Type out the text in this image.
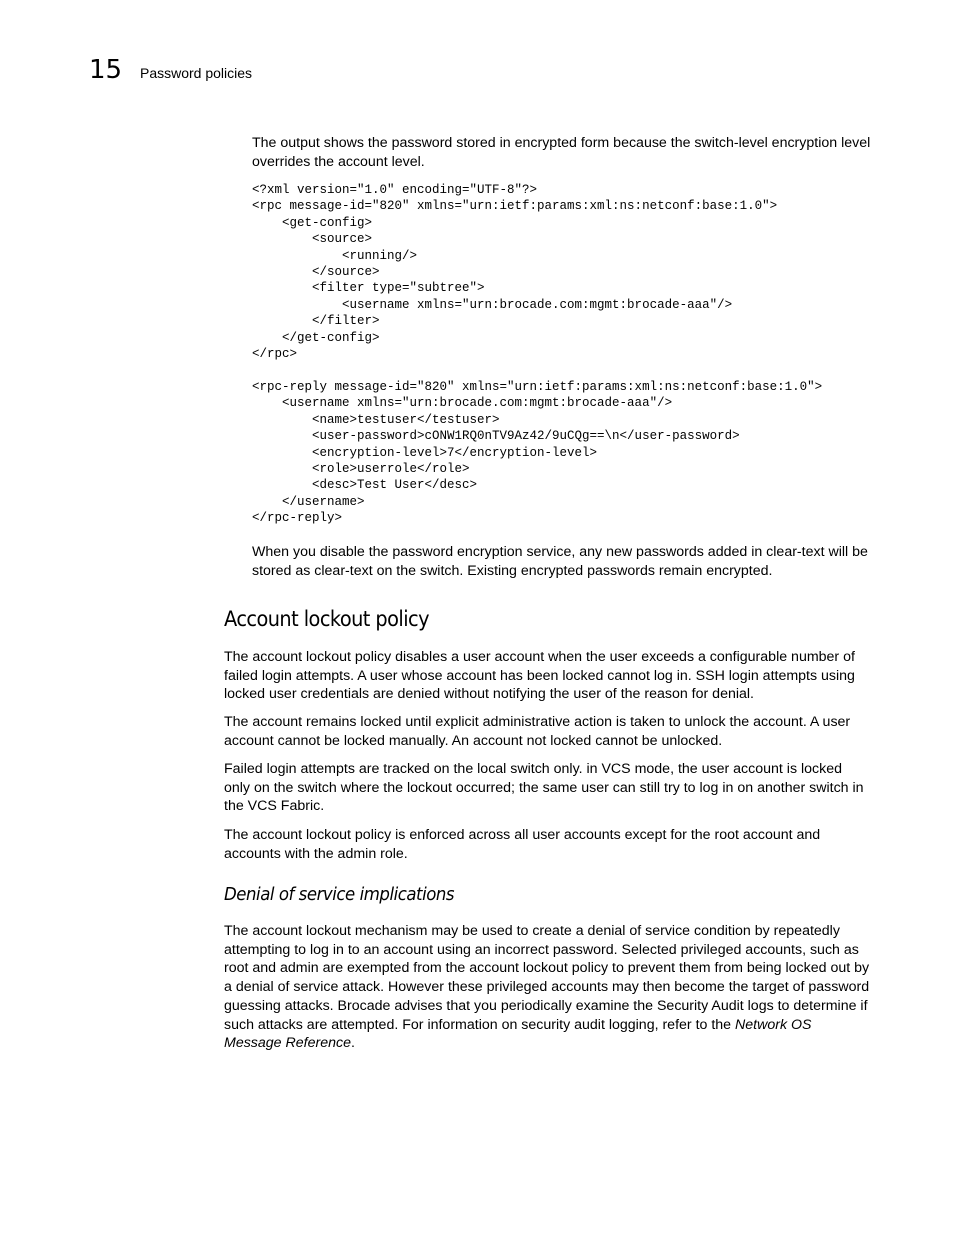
15 Password policies

The output shows the password stored in encrypted form because the switch-level encryption level overrides the account level.

<?xml version="1.0" encoding="UTF-8"?>
<rpc message-id="820" xmlns="urn:ietf:params:xml:ns:netconf:base:1.0">
<get-config>
<source>
<running/>
</source>
<filter type="subtree">
<username xmlns="urn:brocade.com:mgmt:brocade-aaa"/>
</filter>
</get-config>
</rpc>

<rpc-reply message-id="820" xmlns="urn:ietf:params:xml:ns:netconf:base:1.0">
<username xmlns="urn:brocade.com:mgmt:brocade-aaa"/>
<name>testuser</testuser>
<user-password>cONW1RQ0nTV9Az42/9uCQg==\n</user-password>
<encryption-level>7</encryption-level>
<role>userrole</role>
<desc>Test User</desc>
</username>
</rpc-reply>

When you disable the password encryption service, any new passwords added in clear-text will be stored as clear-text on the switch. Existing encrypted passwords remain encrypted.

Account lockout policy

The account lockout policy disables a user account when the user exceeds a configurable number of failed login attempts. A user whose account has been locked cannot log in. SSH login attempts using locked user credentials are denied without notifying the user of the reason for denial.

The account remains locked until explicit administrative action is taken to unlock the account. A user account cannot be locked manually. An account not locked cannot be unlocked.

Failed login attempts are tracked on the local switch only. in VCS mode, the user account is locked only on the switch where the lockout occurred; the same user can still try to log in on another switch in the VCS Fabric.

The account lockout policy is enforced across all user accounts except for the root account and accounts with the admin role.

Denial of service implications

The account lockout mechanism may be used to create a denial of service condition by repeatedly attempting to log in to an account using an incorrect password. Selected privileged accounts, such as root and admin are exempted from the account lockout policy to prevent them from being locked out by a denial of service attack. However these privileged accounts may then become the target of password guessing attacks. Brocade advises that you periodically examine the Security Audit logs to determine if such attacks are attempted. For information on security audit logging, refer to the Network OS Message Reference.
